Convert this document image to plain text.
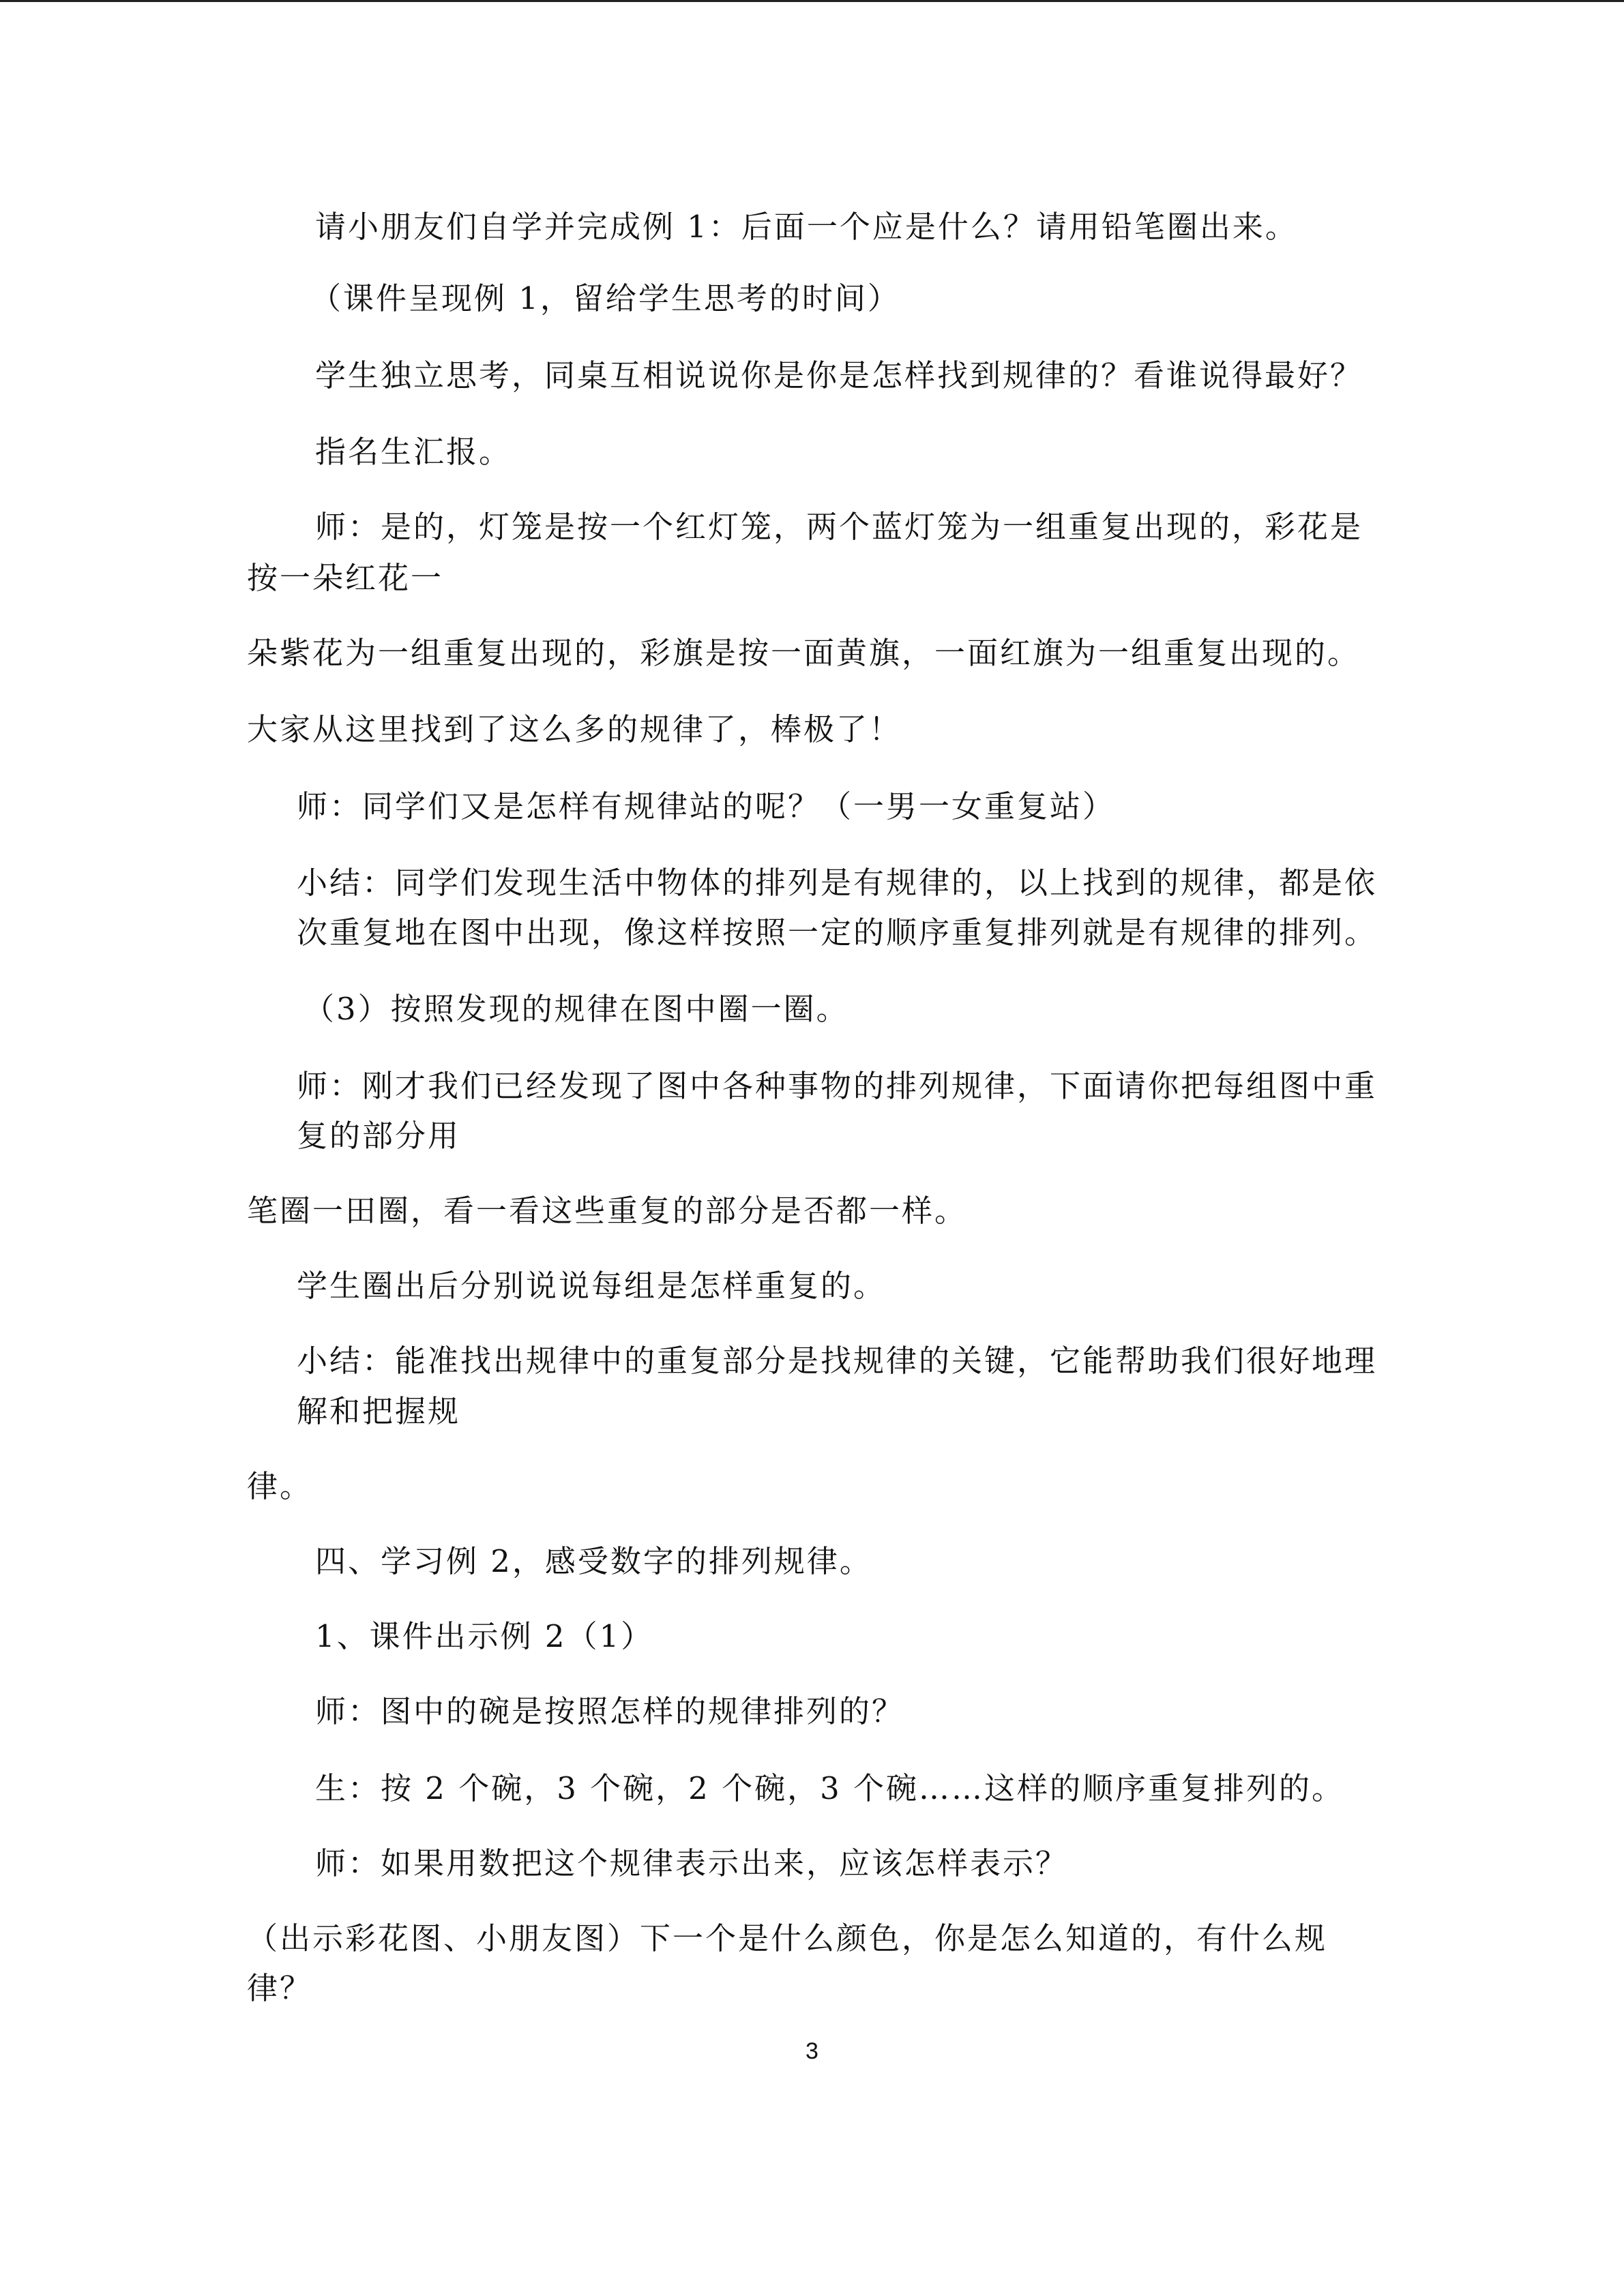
请小朋友们自学并完成例 1：后面一个应是什么？请用铅笔圈出来。
（课件呈现例 1，留给学生思考的时间）
学生独立思考，同桌互相说说你是你是怎样找到规律的？看谁说得最好？
指名生汇报。
师：是的，灯笼是按一个红灯笼，两个蓝灯笼为一组重复出现的，彩花是
按一朵红花一
朵紫花为一组重复出现的，彩旗是按一面黄旗，一面红旗为一组重复出现的。
大家从这里找到了这么多的规律了，棒极了！
师：同学们又是怎样有规律站的呢？（一男一女重复站）
小结：同学们发现生活中物体的排列是有规律的，以上找到的规律，都是依
次重复地在图中出现，像这样按照一定的顺序重复排列就是有规律的排列。
（3）按照发现的规律在图中圈一圈。
师：刚才我们已经发现了图中各种事物的排列规律，下面请你把每组图中重
复的部分用
笔圈一田圈，看一看这些重复的部分是否都一样。
学生圈出后分别说说每组是怎样重复的。
小结：能准找出规律中的重复部分是找规律的关键，它能帮助我们很好地理
解和把握规
律。
四、学习例 2，感受数字的排列规律。
1、课件出示例 2（1）
师：图中的碗是按照怎样的规律排列的？
生：按 2 个碗，3 个碗，2 个碗，3 个碗……这样的顺序重复排列的。
师：如果用数把这个规律表示出来，应该怎样表示？
（出示彩花图、小朋友图）下一个是什么颜色，你是怎么知道的，有什么规
律？
3
